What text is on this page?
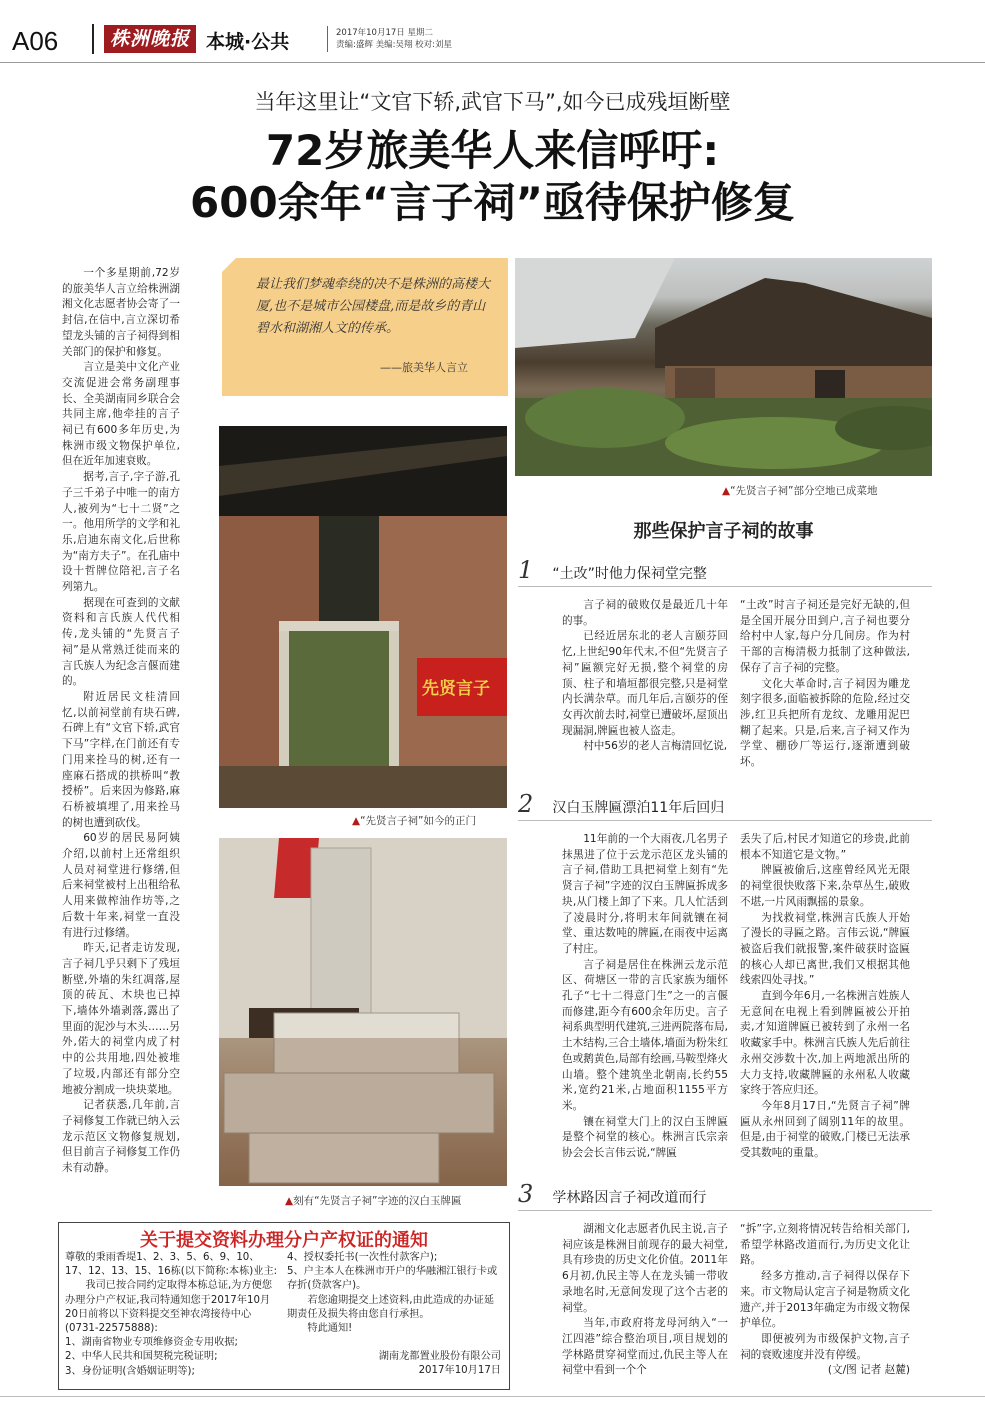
A06	株洲晚报 本城·公共	2017年10月17日 星期二
责编:盛辉 美编:吴翔 校对:刘星
当年这里让“文官下轿,武官下马”,如今已成残垣断壁
72岁旅美华人来信呼吁:
600余年“言子祠”亟待保护修复

一个多星期前,72岁的旅美华人言立给株洲湖湘文化志愿者协会寄了一封信,在信中,言立深切希望龙头铺的言子祠得到相关部门的保护和修复。

言立是美中文化产业交流促进会常务副理事长、全美湖南同乡联合会共同主席,他牵挂的言子祠已有600多年历史,为株洲市级文物保护单位,但在近年加速衰败。

据考,言子,字子游,孔子三千弟子中唯一的南方人,被列为“七十二贤”之一。他用所学的文学和礼乐,启迪东南文化,后世称为“南方夫子”。在孔庙中设十哲牌位陪祀,言子名列第九。

据现在可查到的文献资料和言氏族人代代相传,龙头铺的“先贤言子祠”是从常熟迁徙而来的言氏族人为纪念言偃而建的。

附近居民文桂清回忆,以前祠堂前有块石碑,石碑上有“文官下轿,武官下马”字样,在门前还有专门用来拴马的树,还有一座麻石搭成的拱桥叫“教授桥”。后来因为修路,麻石桥被填埋了,用来拴马的树也遭到砍伐。

60岁的居民易阿姨介绍,以前村上还常组织人员对祠堂进行修缮,但后来祠堂被村上出租给私人用来做榨油作坊等,之后数十年来,祠堂一直没有进行过修缮。

昨天,记者走访发现,言子祠几乎只剩下了残垣断壁,外墙的朱红凋落,屋顶的砖瓦、木块也已掉下,墙体外墙剥落,露出了里面的泥沙与木头……另外,偌大的祠堂内成了村中的公共用地,四处被堆了垃圾,内部还有部分空地被分割成一块块菜地。

记者获悉,几年前,言子祠修复工作就已纳入云龙示范区文物修复规划,但目前言子祠修复工作仍未有动静。

最让我们梦魂牵绕的决不是株洲的高楼大厦,也不是城市公园楼盘,而是故乡的青山碧水和湖湘人文的传承。
——旅美华人言立
▲“先贤言子祠”部分空地已成菜地
先贤言子
▲“先贤言子祠”如今的正门
▲刻有“先贤言子祠”字迹的汉白玉牌匾
那些保护言子祠的故事
1 “土改”时他力保祠堂完整

言子祠的破败仅是最近几十年的事。

已经近居东北的老人言颐芬回忆,上世纪90年代末,不但“先贤言子祠”匾额完好无损,整个祠堂的房顶、柱子和墙垣都很完整,只是祠堂内长满杂草。而几年后,言颐芬的侄女再次前去时,祠堂已遭破坏,屋顶出现漏洞,牌匾也被人盗走。

村中56岁的老人言梅清回忆说,

“土改”时言子祠还是完好无缺的,但是全国开展分田到户,言子祠也要分给村中人家,每户分几间房。作为村干部的言梅清极力抵制了这种做法,保存了言子祠的完整。

文化大革命时,言子祠因为雕龙刻字很多,面临被拆除的危险,经过交涉,红卫兵把所有龙纹、龙雕用泥巴糊了起来。只是,后来,言子祠又作为学堂、棚砂厂等运行,逐渐遭到破坏。

2 汉白玉牌匾漂泊11年后回归

11年前的一个大雨夜,几名男子抹黑进了位于云龙示范区龙头铺的言子祠,借助工具把祠堂上刻有“先贤言子祠”字迹的汉白玉牌匾拆成多块,从门楼上卸了下来。几人忙活到了凌晨时分,将明末年间就镶在祠堂、重达数吨的牌匾,在雨夜中运离了村庄。

言子祠是居住在株洲云龙示范区、荷塘区一带的言氏家族为缅怀孔子“七十二得意门生”之一的言偃而修建,距今有600余年历史。言子祠系典型明代建筑,三进两院落布局,土木结构,三合土墙体,墙面为粉朱红色或鹅黄色,局部有绘画,马鞍型烽火山墙。整个建筑坐北朝南,长约55米,宽约21米,占地面积1155平方米。

镶在祠堂大门上的汉白玉牌匾是整个祠堂的核心。株洲言氏宗亲协会会长言伟云说,“牌匾

丢失了后,村民才知道它的珍贵,此前根本不知道它是文物。”

牌匾被偷后,这座曾经风光无限的祠堂很快败落下来,杂草丛生,破败不堪,一片风雨飘摇的景象。

为找救祠堂,株洲言氏族人开始了漫长的寻匾之路。言伟云说,“牌匾被盗后我们就报警,案件破获时盗匾的核心人却已离世,我们又根据其他线索四处寻找。”

直到今年6月,一名株洲言姓族人无意间在电视上看到牌匾被公开拍卖,才知道牌匾已被转到了永州一名收藏家手中。株洲言氏族人先后前往永州交涉数十次,加上两地派出所的大力支持,收藏牌匾的永州私人收藏家终于答应归还。

今年8月17日,“先贤言子祠”牌匾从永州回到了阔别11年的故里。但是,由于祠堂的破败,门楼已无法承受其数吨的重量。

3 学林路因言子祠改道而行

湖湘文化志愿者仇民主说,言子祠应该是株洲目前现存的最大祠堂,具有珍贵的历史文化价值。2011年6月初,仇民主等人在龙头铺一带收录地名时,无意间发现了这个古老的祠堂。

当年,市政府将龙母河纳入“一江四港”综合整治项目,项目规划的学林路贯穿祠堂而过,仇民主等人在祠堂中看到一个个

“拆”字,立刻将情况转告给相关部门,希望学林路改道而行,为历史文化让路。

经多方推动,言子祠得以保存下来。市文物局认定言子祠是物质文化遗产,并于2013年确定为市级文物保护单位。

即便被列为市级保护文物,言子祠的衰败速度并没有停缓。

(文/图 记者 赵麓)

关于提交资料办理分户产权证的通知
尊敬的秉雨香堤1、2、3、5、6、9、10、17、12、13、15、16栋(以下简称:本栋)业主:
我司已按合同约定取得本栋总证,为方便您办理分户产权证,我司特通知您于2017年10月20日前将以下资料提交至神农湾接待中心(0731-22575888):
1、湖南省物业专项维修资金专用收据;
2、中华人民共和国契税完税证明;
3、身份证明(含婚姻证明等);
4、授权委托书(一次性付款客户);
5、户主本人在株洲市开户的华融湘江银行卡或存折(贷款客户)。
若您逾期提交上述资料,由此造成的办证延期责任及损失将由您自行承担。
特此通知!
湖南龙都置业股份有限公司
2017年10月17日
